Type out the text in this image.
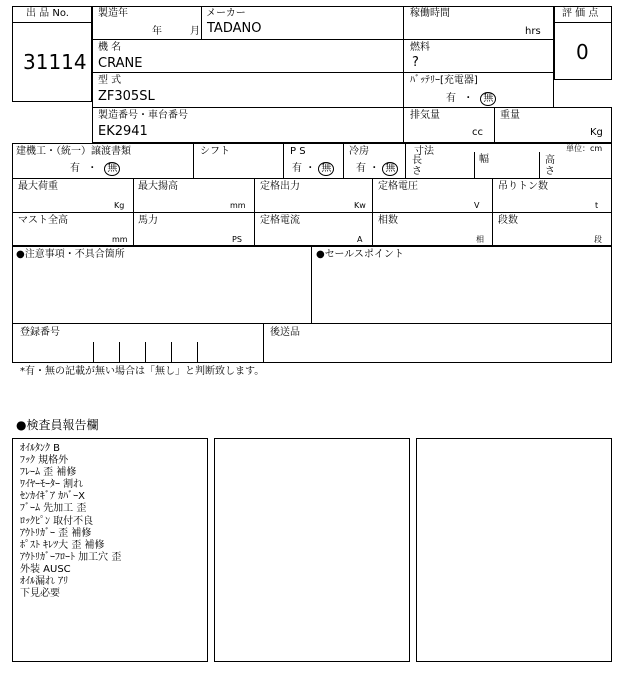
出 品 No.
31114
製造年
年	月
メーカー
TADANO
稼働時間
hrs
機 名
CRANE
燃料
?
型 式
ZF305SL
ﾊﾞｯﾃﾘｰ[充電器]
有 ・ 無
評 価 点
0
製造番号・車台番号
EK2941
排気量
cc
重量
Kg
建機工・（統一）譲渡書類
有 ・ 無
シフト	P S
有 ・ 無
冷房
有 ・ 無
寸法	単位：cm
長
さ
幅	高
さ
最大荷重
Kg
最大揚高
mm
定格出力
Kw
定格電圧
V
吊りトン数
t
マスト全高
mm
馬力
PS
定格電流
A
相数
相
段数
段
●注意事項・不具合箇所	●セールスポイント
登録番号	後送品
*有・無の記載が無い場合は「無し」と判断致します。
●検査員報告欄
ｵｲﾙﾀﾝｸ B
ﾌｯｸ 規格外
ﾌﾚｰﾑ 歪 補修
ﾜｲﾔｰﾓｰﾀｰ 割れ
ｾﾝｶｲｷﾞｱ ｶﾊﾞｰX
ﾌﾞｰﾑ 先加工 歪
ﾛｯｸﾋﾟﾝ 取付不良
ｱｳﾄﾘｶﾞｰ 歪 補修
ﾎﾟｽﾄ ｷﾚﾂ大 歪 補修
ｱｳﾄﾘｶﾞｰﾌﾛｰﾄ 加工穴 歪
外装 AUSC
ｵｲﾙ漏れ ｱﾘ
下見必要
